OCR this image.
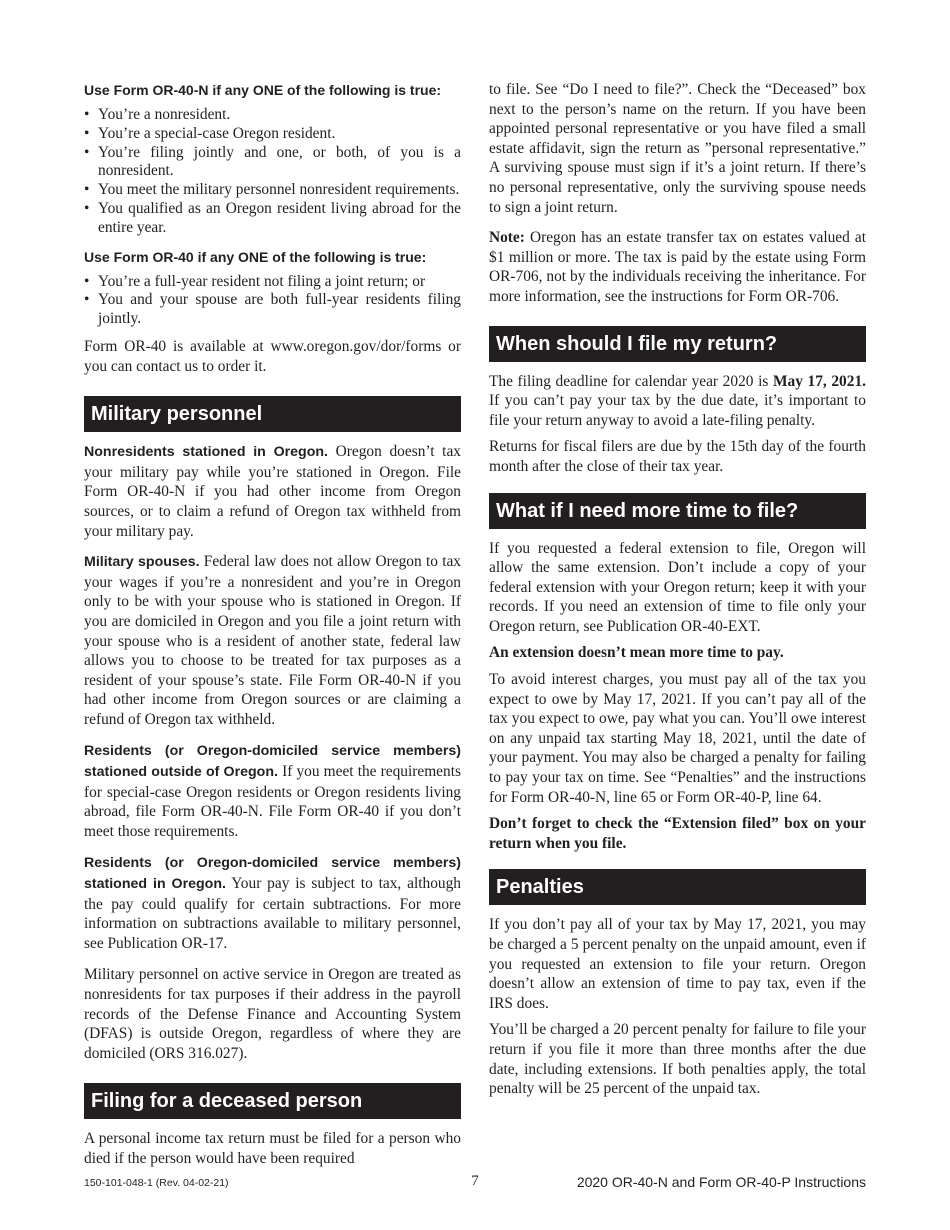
Use Form OR-40-N if any ONE of the following is true:
• You’re a nonresident.
• You’re a special-case Oregon resident.
• You’re filing jointly and one, or both, of you is a nonresident.
• You meet the military personnel nonresident requirements.
• You qualified as an Oregon resident living abroad for the entire year.
Use Form OR-40 if any ONE of the following is true:
• You’re a full-year resident not filing a joint return; or
• You and your spouse are both full-year residents filing jointly.

Form OR-40 is available at www.oregon.gov/dor/forms or you can contact us to order it.

Military personnel

Nonresidents stationed in Oregon. Oregon doesn’t tax your military pay while you’re stationed in Oregon. File Form OR-40-N if you had other income from Oregon sources, or to claim a refund of Oregon tax withheld from your military pay.

Military spouses. Federal law does not allow Oregon to tax your wages if you’re a nonresident and you’re in Oregon only to be with your spouse who is stationed in Oregon. If you are domiciled in Oregon and you file a joint return with your spouse who is a resident of another state, federal law allows you to choose to be treated for tax purposes as a resident of your spouse’s state. File Form OR-40-N if you had other income from Oregon sources or are claiming a refund of Oregon tax withheld.

Residents (or Oregon-domiciled service members) stationed outside of Oregon. If you meet the requirements for special-case Oregon residents or Oregon residents living abroad, file Form OR-40-N. File Form OR-40 if you don’t meet those requirements.

Residents (or Oregon-domiciled service members) stationed in Oregon. Your pay is subject to tax, although the pay could qualify for certain subtractions. For more information on subtractions available to military personnel, see Publication OR-17.

Military personnel on active service in Oregon are treated as nonresidents for tax purposes if their address in the payroll records of the Defense Finance and Accounting System (DFAS) is outside Oregon, regardless of where they are domiciled (ORS 316.027).

Filing for a deceased person

A personal income tax return must be filed for a person who died if the person would have been required

to file. See “Do I need to file?”. Check the “Deceased” box next to the person’s name on the return. If you have been appointed personal representative or you have filed a small estate affidavit, sign the return as ”personal representative.” A surviving spouse must sign if it’s a joint return. If there’s no personal representative, only the surviving spouse needs to sign a joint return.

Note: Oregon has an estate transfer tax on estates valued at $1 million or more. The tax is paid by the estate using Form OR-706, not by the individuals receiving the inheritance. For more information, see the instructions for Form OR-706.

When should I file my return?

The filing deadline for calendar year 2020 is May 17, 2021. If you can’t pay your tax by the due date, it’s important to file your return anyway to avoid a late-filing penalty.

Returns for fiscal filers are due by the 15th day of the fourth month after the close of their tax year.

What if I need more time to file?

If you requested a federal extension to file, Oregon will allow the same extension. Don’t include a copy of your federal extension with your Oregon return; keep it with your records. If you need an extension of time to file only your Oregon return, see Publication OR-40-EXT.

An extension doesn’t mean more time to pay.

To avoid interest charges, you must pay all of the tax you expect to owe by May 17, 2021. If you can’t pay all of the tax you expect to owe, pay what you can. You’ll owe interest on any unpaid tax starting May 18, 2021, until the date of your payment. You may also be charged a penalty for failing to pay your tax on time. See “Penalties” and the instructions for Form OR-40-N, line 65 or Form OR-40-P, line 64.

Don’t forget to check the “Extension filed” box on your return when you file.

Penalties

If you don’t pay all of your tax by May 17, 2021, you may be charged a 5 percent penalty on the unpaid amount, even if you requested an extension to file your return. Oregon doesn’t allow an extension of time to pay tax, even if the IRS does.

You’ll be charged a 20 percent penalty for failure to file your return if you file it more than three months after the due date, including extensions. If both penalties apply, the total penalty will be 25 percent of the unpaid tax.

150-101-048-1 (Rev. 04-02-21)	7	2020 OR-40-N and Form OR-40-P Instructions
